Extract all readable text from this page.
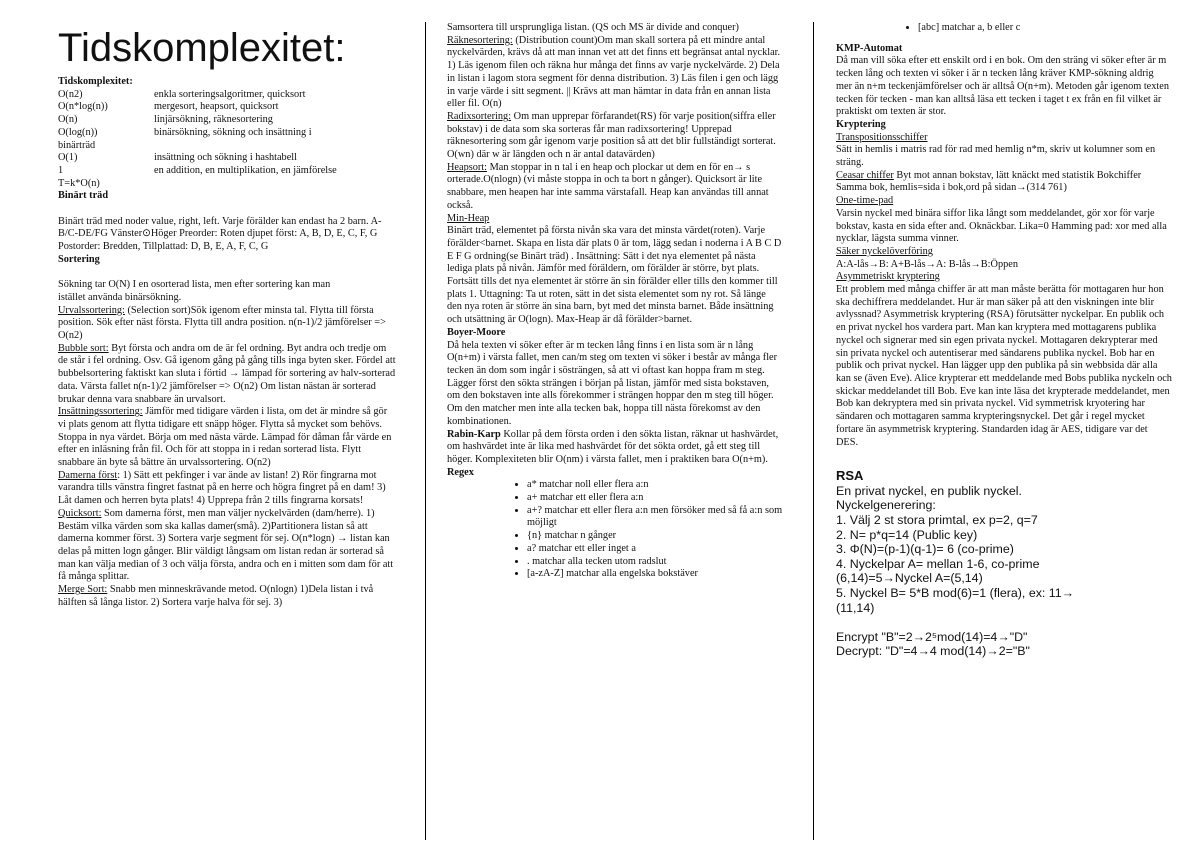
Tidskomplexitet:

Tidskomplexitet:

O(n2)	enkla sorteringsalgoritmer, quicksort
O(n*log(n))	mergesort, heapsort, quicksort
O(n)	linjärsökning, räknesortering
O(log(n))	binärsökning, sökning och insättning i
binärträd
O(1)	insättning och sökning i hashtabell
1	en addition, en multiplikation, en jämförelse

T=k*O(n)

Binärt träd

Binärt träd med noder value, right, left. Varje förälder kan endast ha 2 barn. A-B/C-DE/FG Vänster⊙Höger Preorder: Roten djupet först: A, B, D, E, C, F, G Postorder: Bredden, Tillplattad: D, B, E, A, F, C, G

Sortering

Sökning tar O(N) I en osorterad lista, men efter sortering kan man

istället använda binärsökning.

Urvalssortering: (Selection sort)Sök igenom efter minsta tal. Flytta till första position. Sök efter näst första. Flytta till andra position. n(n-1)/2 jämförelser => O(n2)

Bubble sort: Byt första och andra om de är fel ordning. Byt andra och tredje om de står i fel ordning. Osv. Gå igenom gång på gång tills inga byten sker. Fördel att bubbelsortering faktiskt kan sluta i förtid → lämpad för sortering av halv-sorterad data. Värsta fallet n(n-1)/2 jämförelser => O(n2) Om listan nästan är sorterad brukar denna vara snabbare än urvalsort.

Insättningssortering: Jämför med tidigare värden i lista, om det är mindre så gör vi plats genom att flytta tidigare ett snäpp höger. Flytta så mycket som behövs. Stoppa in nya värdet. Börja om med nästa värde. Lämpad för dåman får värde en efter en inläsning från fil. Och för att stoppa in i redan sorterad lista. Flytt snabbare än byte så bättre än urvalssortering. O(n2)

Damerna först: 1) Sätt ett pekfinger i var ände av listan! 2) Rör fingrarna mot varandra tills vänstra fingret fastnat på en herre och högra fingret på en dam! 3) Låt damen och herren byta plats! 4) Upprepa från 2 tills fingrarna korsats!

Quicksort: Som damerna först, men man väljer nyckelvärden (dam/herre). 1) Bestäm vilka värden som ska kallas damer(små). 2)Partitionera listan så att damerna kommer först. 3) Sortera varje segment för sej. O(n*logn) → listan kan delas på mitten logn gånger. Blir väldigt långsam om listan redan är sorterad så man kan välja median of 3 och välja första, andra och en i mitten som dam för att få många splittar.

Merge Sort: Snabb men minneskrävande metod. O(nlogn) 1)Dela listan i två hälften så långa listor. 2) Sortera varje halva för sej. 3)

Samsortera till ursprungliga listan. (QS och MS är divide and conquer)

Räknesortering: (Distribution count)Om man skall sortera på ett mindre antal nyckelvärden, krävs då att man innan vet att det finns ett begränsat antal nycklar. 1) Läs igenom filen och räkna hur många det finns av varje nyckelvärde. 2) Dela in listan i lagom stora segment för denna distribution. 3) Läs filen i gen och lägg in varje värde i sitt segment. || Krävs att man hämtar in data från en annan lista eller fil. O(n)

Radixsortering: Om man upprepar förfarandet(RS) för varje position(siffra eller bokstav) i de data som ska sorteras får man radixsortering! Upprepad räknesortering som går igenom varje position så att det blir fullständigt sorterat. O(wn) där w är längden och n är antal datavärden)

Heapsort: Man stoppar in n tal i en heap och plockar ut dem en för en→ s orterade.O(nlogn) (vi måste stoppa in och ta bort n gånger). Quicksort är lite snabbare, men heapen har inte samma värstafall. Heap kan användas till annat också.

Min-Heap

Binärt träd, elementet på första nivån ska vara det minsta värdet(roten). Varje förälder<barnet. Skapa en lista där plats 0 är tom, lägg sedan i noderna i A B C D E F G ordning(se Binärt träd) . Insättning: Sätt i det nya elementet på nästa lediga plats på nivån. Jämför med föräldern, om förälder är större, byt plats. Fortsätt tills det nya elementet är större än sin förälder eller tills den kommer till plats 1. Uttagning: Ta ut roten, sätt in det sista elementet som ny rot. Så länge den nya roten är större än sina barn, byt med det minsta barnet. Både insättning och utsättning är O(logn). Max-Heap är då förälder>barnet.

Boyer-Moore

Då hela texten vi söker efter är m tecken lång finns i en lista som är n lång O(n+m) i värsta fallet, men can/m steg om texten vi söker i består av många fler tecken än dom som ingår i sösträngen, så att vi oftast kan hoppa fram m steg. Lägger först den sökta strängen i början på listan, jämför med sista bokstaven, om den bokstaven inte alls förekommer i strängen hoppar den m steg till höger. Om den matcher men inte alla tecken bak, hoppa till nästa förekomst av den kombinationen.

Rabin-Karp Kollar på dem första orden i den sökta listan, räknar ut hashvärdet, om hashvärdet inte är lika med hashvärdet för det sökta ordet, gå ett steg till höger. Komplexiteten blir O(nm) i värsta fallet, men i praktiken bara O(n+m).

Regex

• a* matchar noll eller flera a:n
• a+ matchar ett eller flera a:n
• a+? matchar ett eller flera a:n men försöker med så få a:n som möjligt
• {n} matchar n gånger
• a? matchar ett eller inget a
• . matchar alla tecken utom radslut
• [a-zA-Z] matchar alla engelska bokstäver
• [abc] matchar a, b eller c

KMP-Automat

Då man vill söka efter ett enskilt ord i en bok. Om den sträng vi söker efter är m tecken lång och texten vi söker i är n tecken lång kräver KMP-sökning aldrig mer än n+m teckenjämförelser och är alltså O(n+m). Metoden går igenom texten tecken för tecken - man kan alltså läsa ett tecken i taget t ex från en fil vilket är praktiskt om texten är stor.

Kryptering

Transpositionsschiffer

Sätt in hemlis i matris rad för rad med hemlig n*m, skriv ut kolumner som en sträng.

Ceasar chiffer Byt mot annan bokstav, lätt knäckt med statistik Bokchiffer Samma bok, hemlis=sida i bok,ord på sidan→(314 761)

One-time-pad

Varsin nyckel med binära siffor lika långt som meddelandet, gör xor för varje bokstav, kasta en sida efter and. Oknäckbar. Lika=0 Hamming pad: xor med alla nycklar, lägsta summa vinner.

Säker nyckelöverföring

A:A-lås→B: A+B-lås→A: B-lås→B:Öppen

Asymmetriskt kryptering

Ett problem med många chiffer är att man måste berätta för mottagaren hur hon ska dechiffrera meddelandet. Hur är man säker på att den viskningen inte blir avlyssnad? Asymmetrisk kryptering (RSA) förutsätter nyckelpar. En publik och en privat nyckel hos vardera part. Man kan kryptera med mottagarens publika nyckel och signerar med sin egen privata nyckel. Mottagaren dekrypterar med sin privata nyckel och autentiserar med sändarens publika nyckel. Bob har en publik och privat nyckel. Han lägger upp den publika på sin webbsida där alla kan se (även Eve). Alice krypterar ett meddelande med Bobs publika nyckeln och skickar meddelandet till Bob. Eve kan inte läsa det krypterade meddelandet, men Bob kan dekryptera med sin privata nyckel. Vid symmetrisk kryotering har sändaren och mottagaren samma krypteringsnyckel. Det går i regel mycket fortare än asymmetrisk kryptering. Standarden idag är AES, tidigare var det DES.

RSA

En privat nyckel, en publik nyckel.

Nyckelgenerering:

1. Välj 2 st stora primtal, ex p=2, q=7

2. N= p*q=14 (Public key)

3. Φ(N)=(p-1)(q-1)= 6 (co-prime)

4. Nyckelpar A= mellan 1-6, co-prime

(6,14)=5→Nyckel A=(5,14)

5. Nyckel B= 5*B mod(6)=1 (flera), ex: 11→

(11,14)

Encrypt "B"=2→2⁵mod(14)=4→"D"

Decrypt: "D"=4→4 mod(14)→2="B"
